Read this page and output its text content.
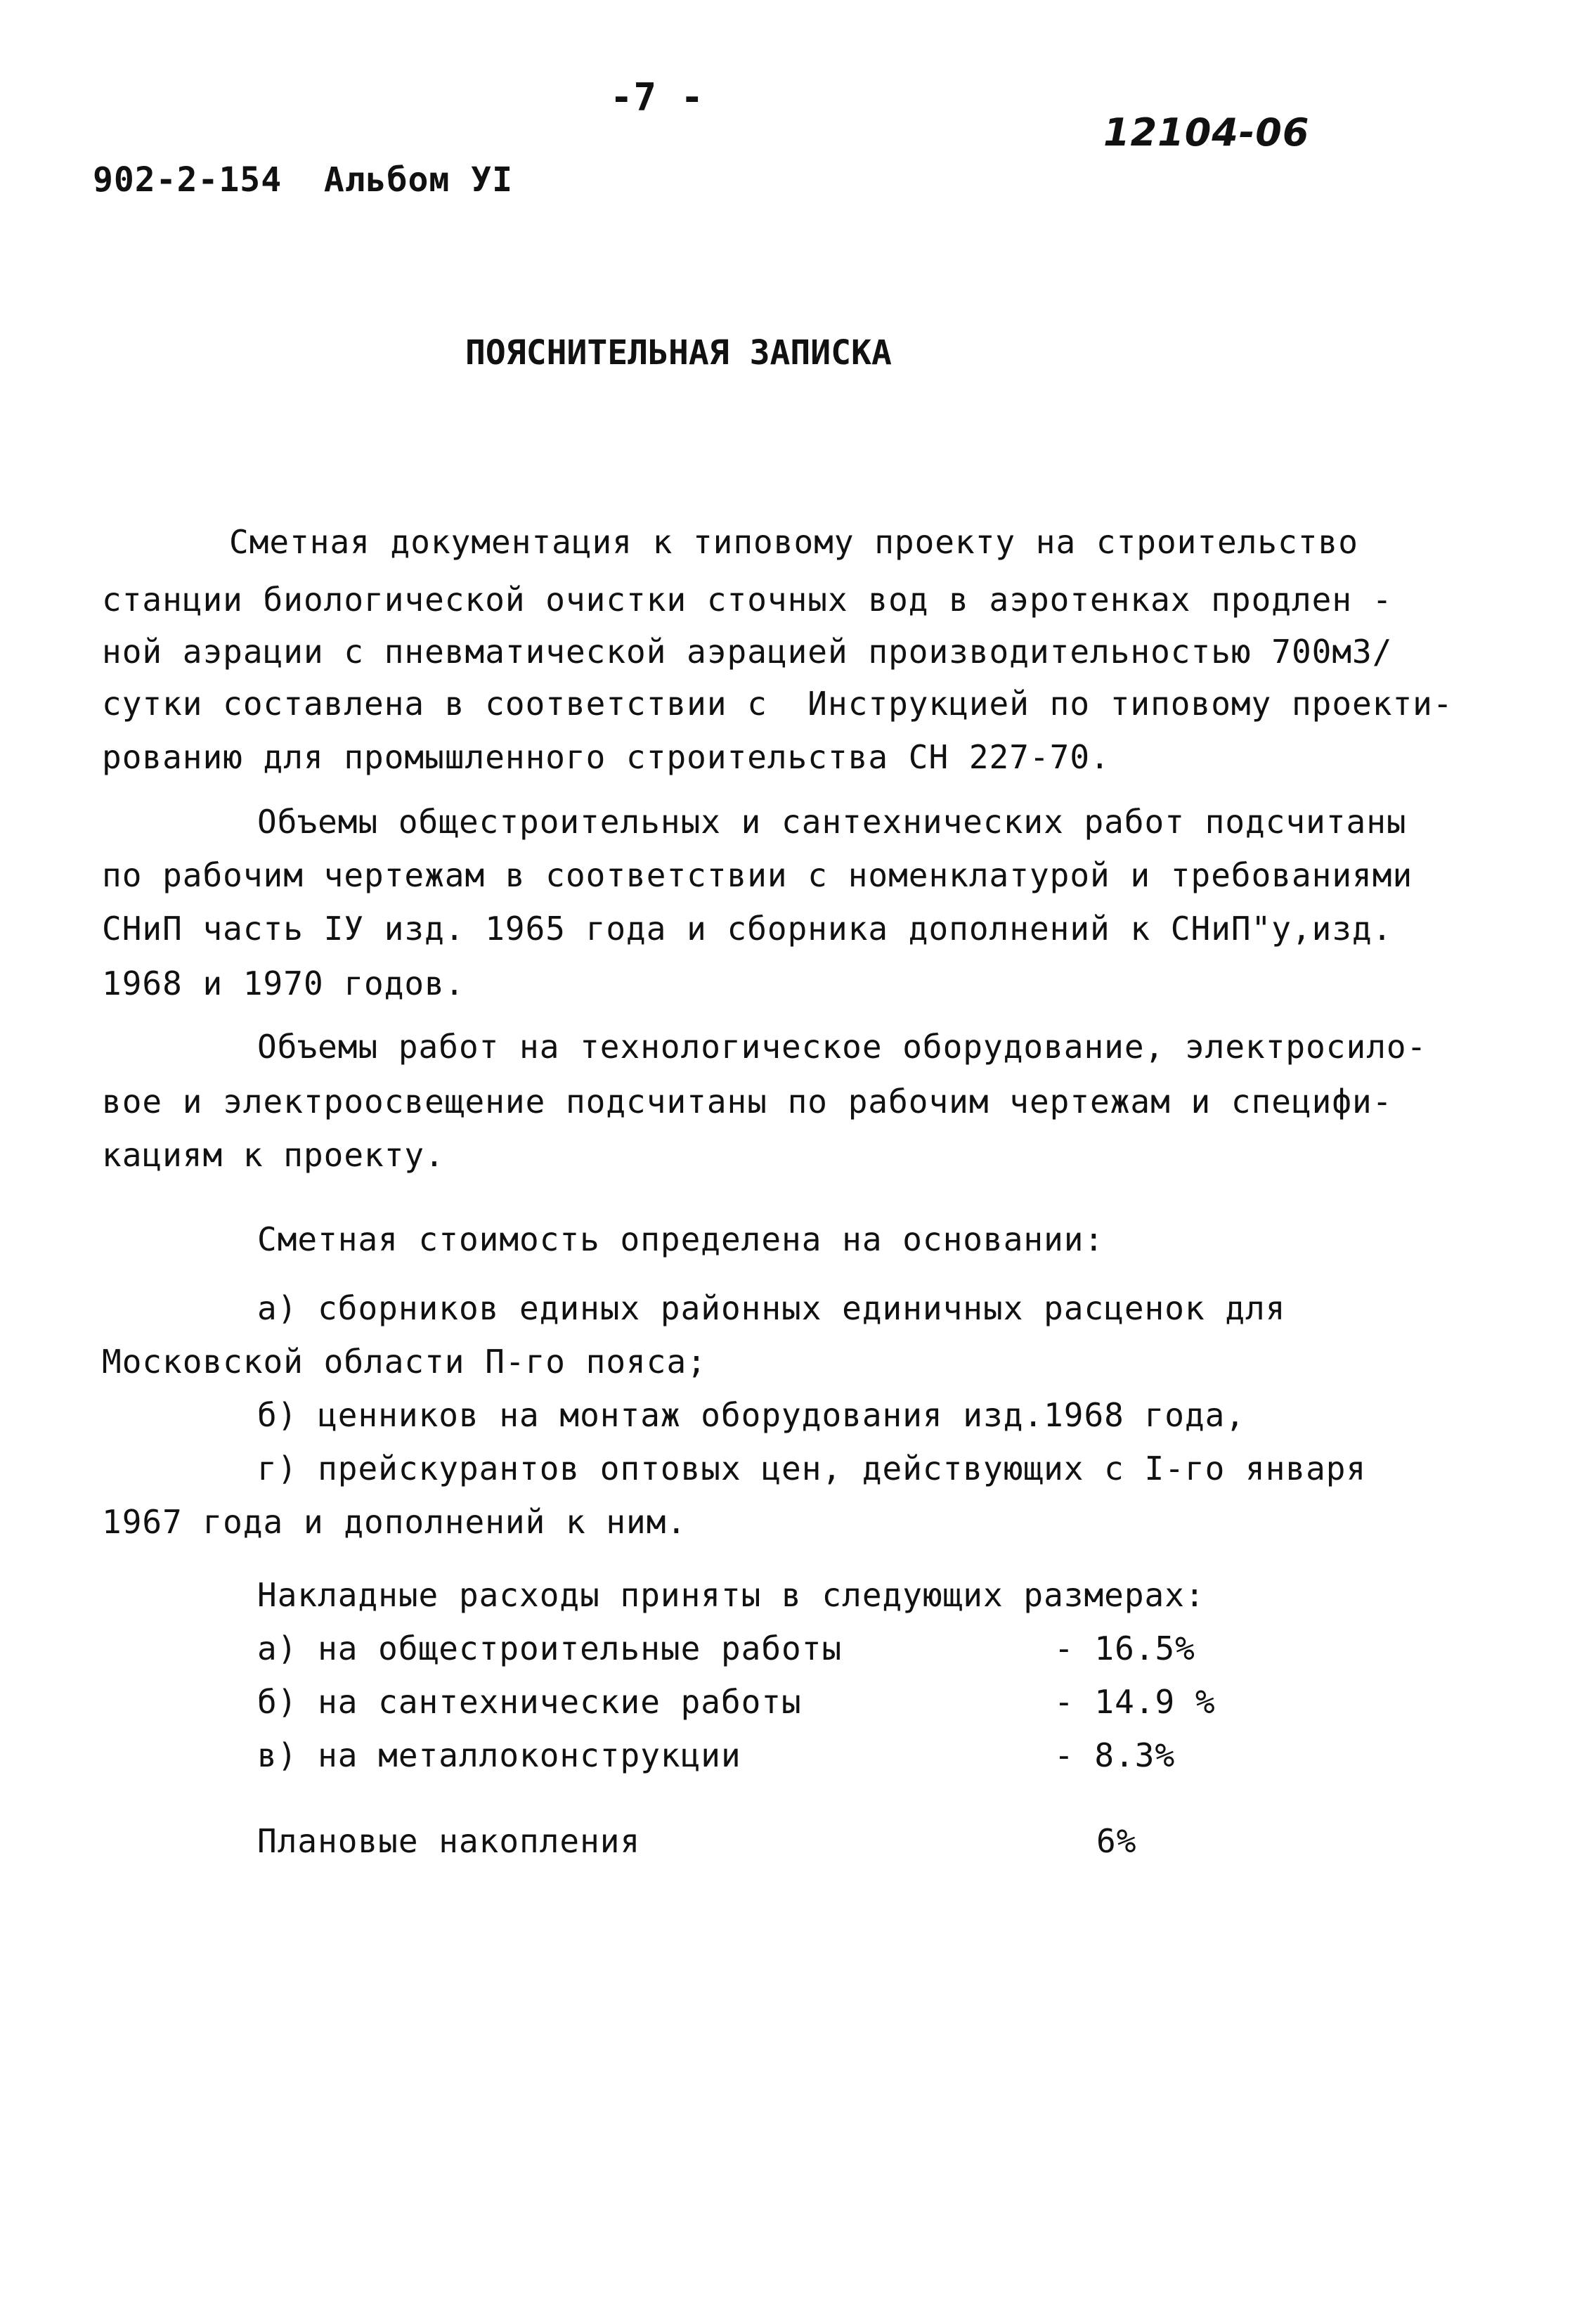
-7 -
12104-06
902-2-154  Альбом УI
ПОЯСНИТЕЛЬНАЯ ЗАПИСКА
Сметная документация к типовому проекту на строительство
станции биологической очистки сточных вод в аэротенках продлен -
ной аэрации с пневматической аэрацией производительностью 700м3/
сутки составлена в соответствии с  Инструкцией по типовому проекти-
рованию для промышленного строительства СН 227-70.
Объемы общестроительных и сантехнических работ подсчитаны
по рабочим чертежам в соответствии с номенклатурой и требованиями
СНиП часть IУ изд. 1965 года и сборника дополнений к СНиП"у,изд.
1968 и 1970 годов.
Объемы работ на технологическое оборудование, электросило-
вое и электроосвещение подсчитаны по рабочим чертежам и специфи-
кациям к проекту.
Сметная стоимость определена на основании:
а) сборников единых районных единичных расценок для
Московской области П-го пояса;
б) ценников на монтаж оборудования изд.1968 года,
г) прейскурантов оптовых цен, действующих с I-го января
1967 года и дополнений к ним.
Накладные расходы приняты в следующих размерах:
а) на общестроительные работы	- 16.5%
б) на сантехнические работы	- 14.9 %
в) на металлоконструкции	- 8.3%
Плановые накопления	6%
